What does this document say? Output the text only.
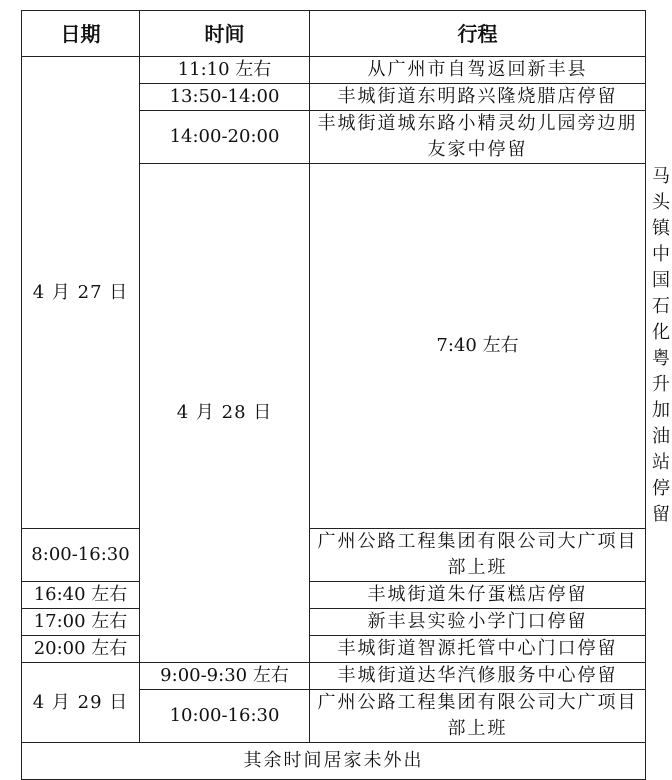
日期	时间	行程	
4 月 27 日	11:10 左右	从广州市自驾返回新丰县	
	13:50-14:00	丰城街道东明路兴隆烧腊店停留	
	14:00-20:00	丰城街道城东路小精灵幼儿园旁边朋友家中停留	
	4 月 28 日	7:40 左右	马头镇中国石化粤升加油站停留
8:00-16:30		广州公路工程集团有限公司大广项目部上班	
16:40 左右		丰城街道朱仔蛋糕店停留	
17:00 左右		新丰县实验小学门口停留	
20:00 左右		丰城街道智源托管中心门口停留	
4 月 29 日	9:00-9:30 左右	丰城街道达华汽修服务中心停留	
	10:00-16:30	广州公路工程集团有限公司大广项目部上班	
其余时间居家未外出			
